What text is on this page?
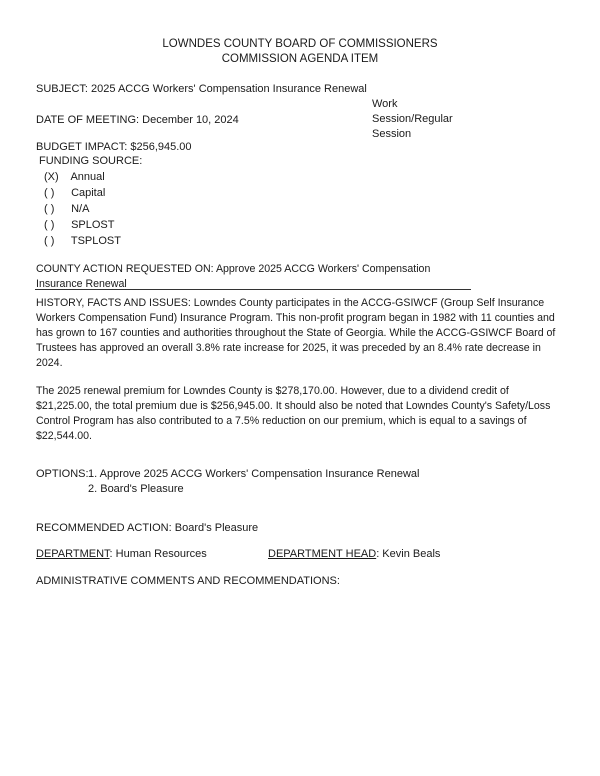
LOWNDES COUNTY BOARD OF COMMISSIONERS
COMMISSION AGENDA ITEM
SUBJECT: 2025 ACCG Workers' Compensation Insurance Renewal
Work
Session/Regular
Session
DATE OF MEETING: December 10, 2024
BUDGET IMPACT: $256,945.00
FUNDING SOURCE:
(X) Annual
( ) Capital
( ) N/A
( ) SPLOST
( ) TSPLOST
COUNTY ACTION REQUESTED ON: Approve 2025 ACCG Workers' Compensation Insurance Renewal
HISTORY, FACTS AND ISSUES: Lowndes County participates in the ACCG-GSIWCF (Group Self Insurance Workers Compensation Fund) Insurance Program. This non-profit program began in 1982 with 11 counties and has grown to 167 counties and authorities throughout the State of Georgia. While the ACCG-GSIWCF Board of Trustees has approved an overall 3.8% rate increase for 2025, it was preceded by an 8.4% rate decrease in 2024.
The 2025 renewal premium for Lowndes County is $278,170.00. However, due to a dividend credit of $21,225.00, the total premium due is $256,945.00. It should also be noted that Lowndes County's Safety/Loss Control Program has also contributed to a 7.5% reduction on our premium, which is equal to a savings of $22,544.00.
OPTIONS: 1. Approve 2025 ACCG Workers' Compensation Insurance Renewal
2. Board's Pleasure
RECOMMENDED ACTION: Board's Pleasure
DEPARTMENT: Human Resources	DEPARTMENT HEAD: Kevin Beals
ADMINISTRATIVE COMMENTS AND RECOMMENDATIONS:
